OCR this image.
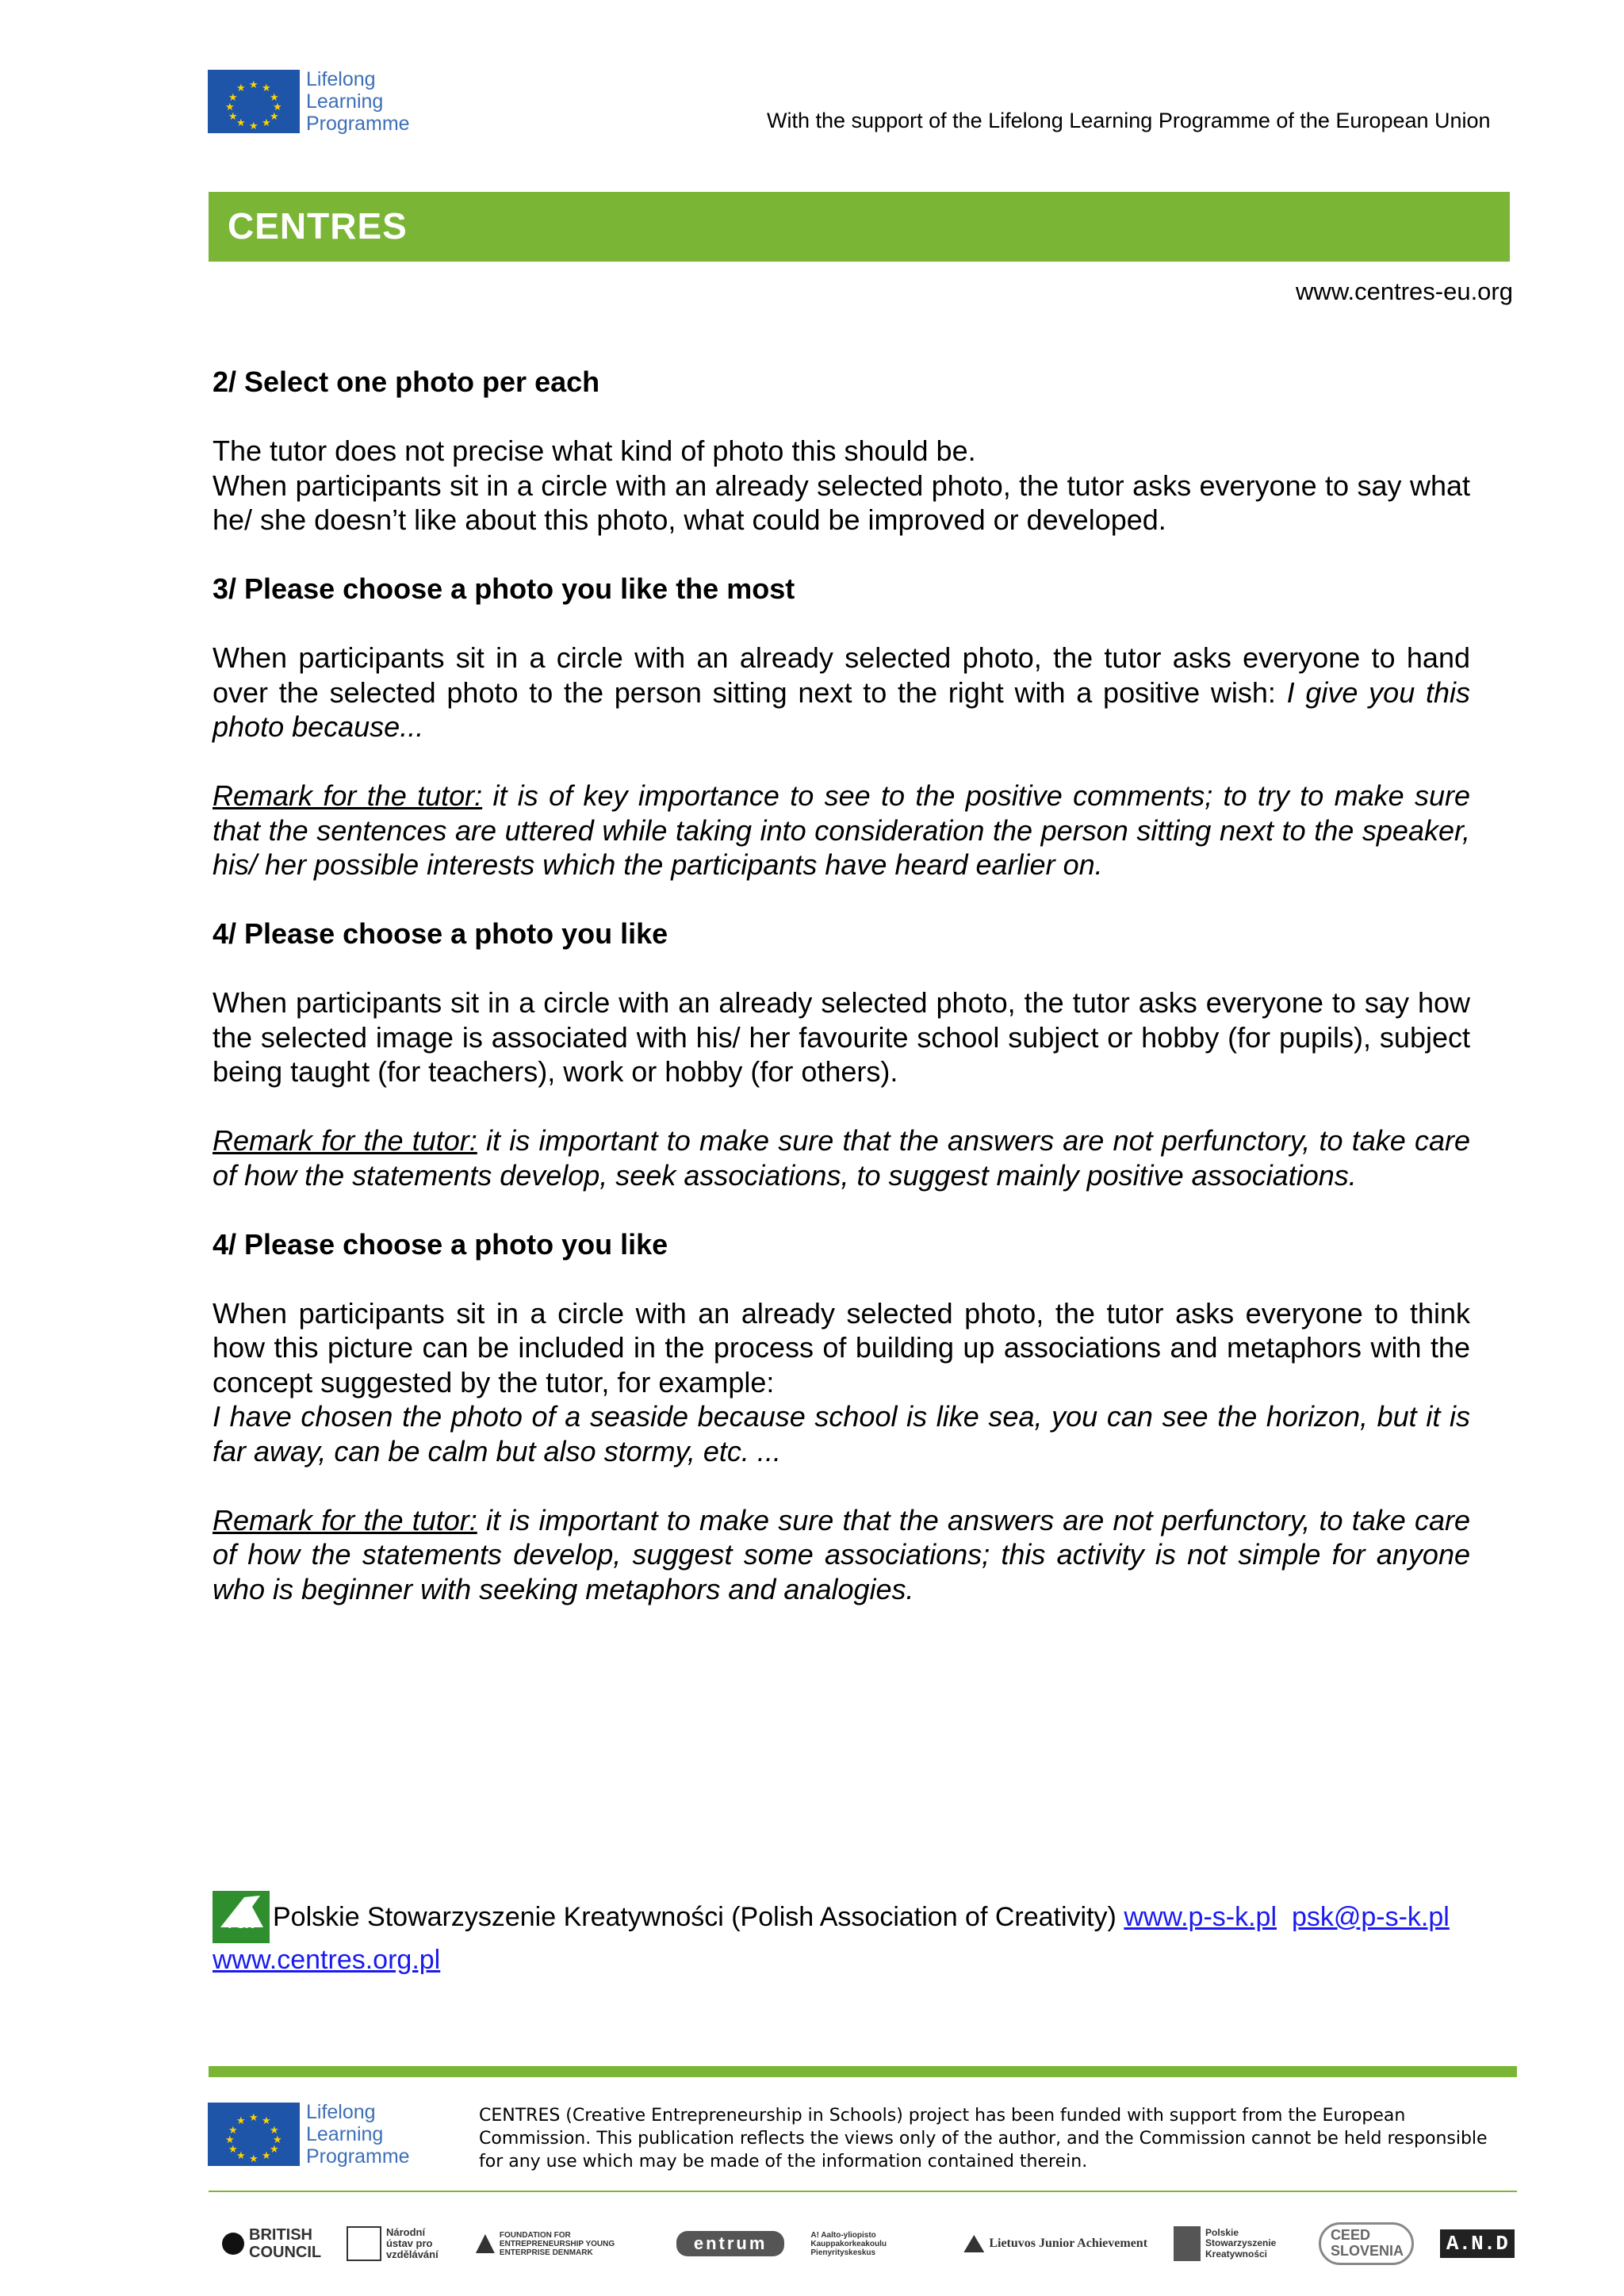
★ ★
★
★
★
★
★
★
★
★
★
★	Lifelong
Learning
Programme	With the support of the Lifelong Learning Programme of the European Union
CENTRES
www.centres-eu.org

2/ Select one photo per each

The tutor does not precise what kind of photo this should be.

When participants sit in a circle with an already selected photo, the tutor asks everyone to say what he/ she doesn’t like about this photo, what could be improved or developed.

3/ Please choose a photo you like the most

When participants sit in a circle with an already selected photo, the tutor asks everyone to hand over the selected photo to the person sitting next to the right with a positive wish: I give you this photo because...

Remark for the tutor: it is of key importance to see to the positive comments; to try to make sure that the sentences are uttered while taking into consideration the person sitting next to the speaker, his/ her possible interests which the participants have heard earlier on.

4/ Please choose a photo you like

When participants sit in a circle with an already selected photo, the tutor asks everyone to say how the selected image is associated with his/ her favourite school subject or hobby (for pupils), subject being taught (for teachers), work or hobby (for others).

Remark for the tutor: it is important to make sure that the answers are not perfunctory, to take care of how the statements develop, seek associations, to suggest mainly positive associations.

4/ Please choose a photo you like

When participants sit in a circle with an already selected photo, the tutor asks everyone to think how this picture can be included in the process of building up associations and metaphors with the concept suggested by the tutor, for example:

I have chosen the photo of a seaside because school is like sea, you can see the horizon, but it is far away, can be calm but also stormy, etc. ...

Remark for the tutor: it is important to make sure that the answers are not perfunctory, to take care of how the statements develop, suggest some associations; this activity is not simple for anyone who is beginner with seeking metaphors and analogies.

PSK Polskie Stowarzyszenie Kreatywności (Polish Association of Creativity) www.p-s-k.pl psk@p-s-k.pl
www.centres.org.pl
★ ★
★
★
★
★
★
★
★
★
★
★	Lifelong
Learning
Programme
CENTRES (Creative Entrepreneurship in Schools) project has been funded with support from the European Commission. This publication reflects the views only of the author, and the Commission cannot be held responsible for any use which may be made of the information contained therein.
BRITISH COUNCIL
Národní ústav pro vzdělávání
FOUNDATION FOR ENTREPRENEURSHIP YOUNG ENTERPRISE DENMARK	entrum	A! Aalto-yliopisto Kauppakorkeakoulu Pienyrityskeskus
Lietuvos Junior Achievement
Polskie Stowarzyszenie Kreatywności
CEED SLOVENIA	A.N.D
